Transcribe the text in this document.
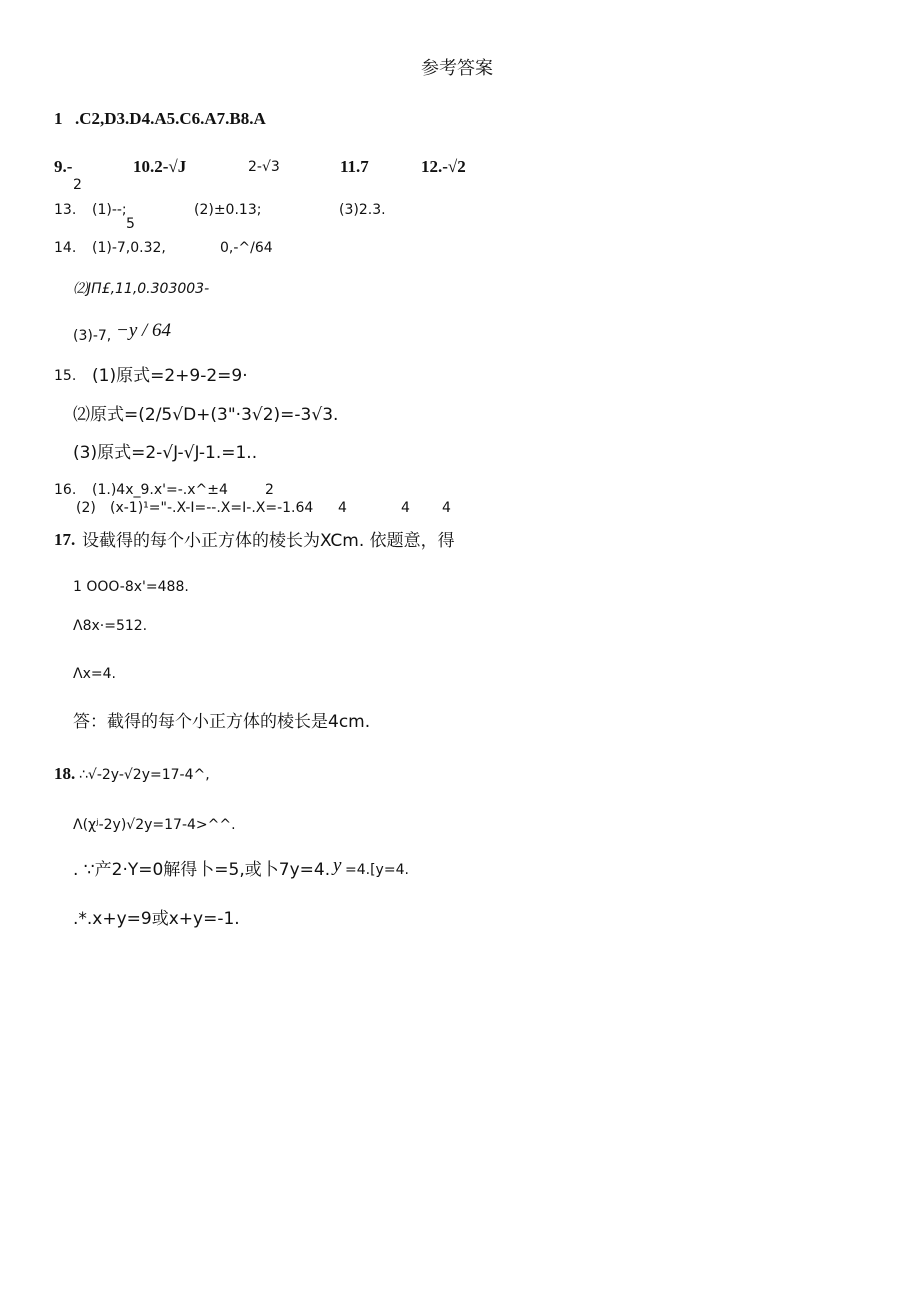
参考答案
1 .C2,D3.D4.A5.C6.A7.B8.A
9.-
2
10.2-√J	2-√3	11.7	12.-√2
13. (1)--;
5
(2)±0.13;	(3)2.3.
14. (1)-7,0.32,	0,-^/64
⑵JΠ£,11,0.303003-
(3)-7, −y / 64
15. (1)原式=2+9-2=9·
⑵原式=(2/5√D+(3"·3√2)=-3√3.
(3)原式=2-√J-√J-1.=1..
16. (1.)4x_9.x'=-.x^±4	2
(2) (x-1)¹="-.X-I=--.X=I-.X=-1.64 4	4 4
17. 设截得的每个小正方体的棱长为XCm. 依题意，得
1 OOO-8x'=488.
Λ8x·=512.
Λx=4.
答：截得的每个小正方体的棱长是4cm.
18. ∴√-2y-√2y=17-4^,
Λ(χʲ-2y)√2y=17-4>^^.
. ∵产2·Y=0解得卜=5,或卜7y=4. y =4.[y=4.
.*.x+y=9或x+y=-1.
